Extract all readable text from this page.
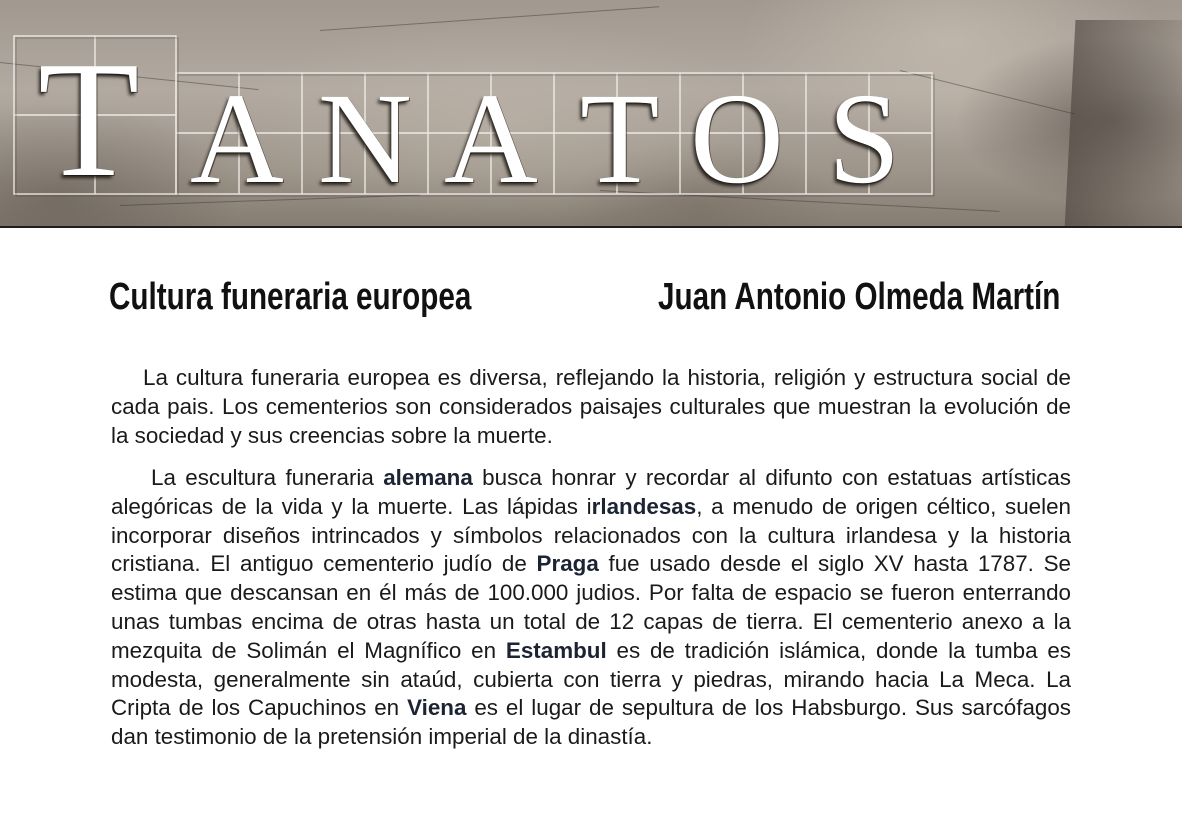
T A N A T O S
Cultura funeraria europea	Juan Antonio Olmeda Martín
La cultura funeraria europea es diversa, reflejando la historia, religión y estructura social de cada pais. Los cementerios son considerados paisajes culturales que muestran la evolución de la sociedad y sus creencias sobre la muerte.
La escultura funeraria alemana busca honrar y recordar al difunto con estatuas artísticas alegóricas de la vida y la muerte. Las lápidas irlandesas, a menudo de origen céltico, suelen incorporar diseños intrincados y símbolos relacionados con la cultura irlandesa y la historia cristiana. El antiguo cementerio judío de Praga fue usado desde el siglo XV hasta 1787. Se estima que descansan en él más de 100.000 judios. Por falta de espacio se fueron enterrando unas tumbas encima de otras hasta un total de 12 capas de tierra. El cementerio anexo a la mezquita de Solimán el Magnífico en Estambul es de tradición islámica, donde la tumba es modesta, generalmente sin ataúd, cubierta con tierra y piedras, mirando hacia La Meca. La Cripta de los Capuchinos en Viena es el lugar de sepultura de los Habsburgo. Sus sarcófagos dan testimonio de la pretensión imperial de la dinastía.
